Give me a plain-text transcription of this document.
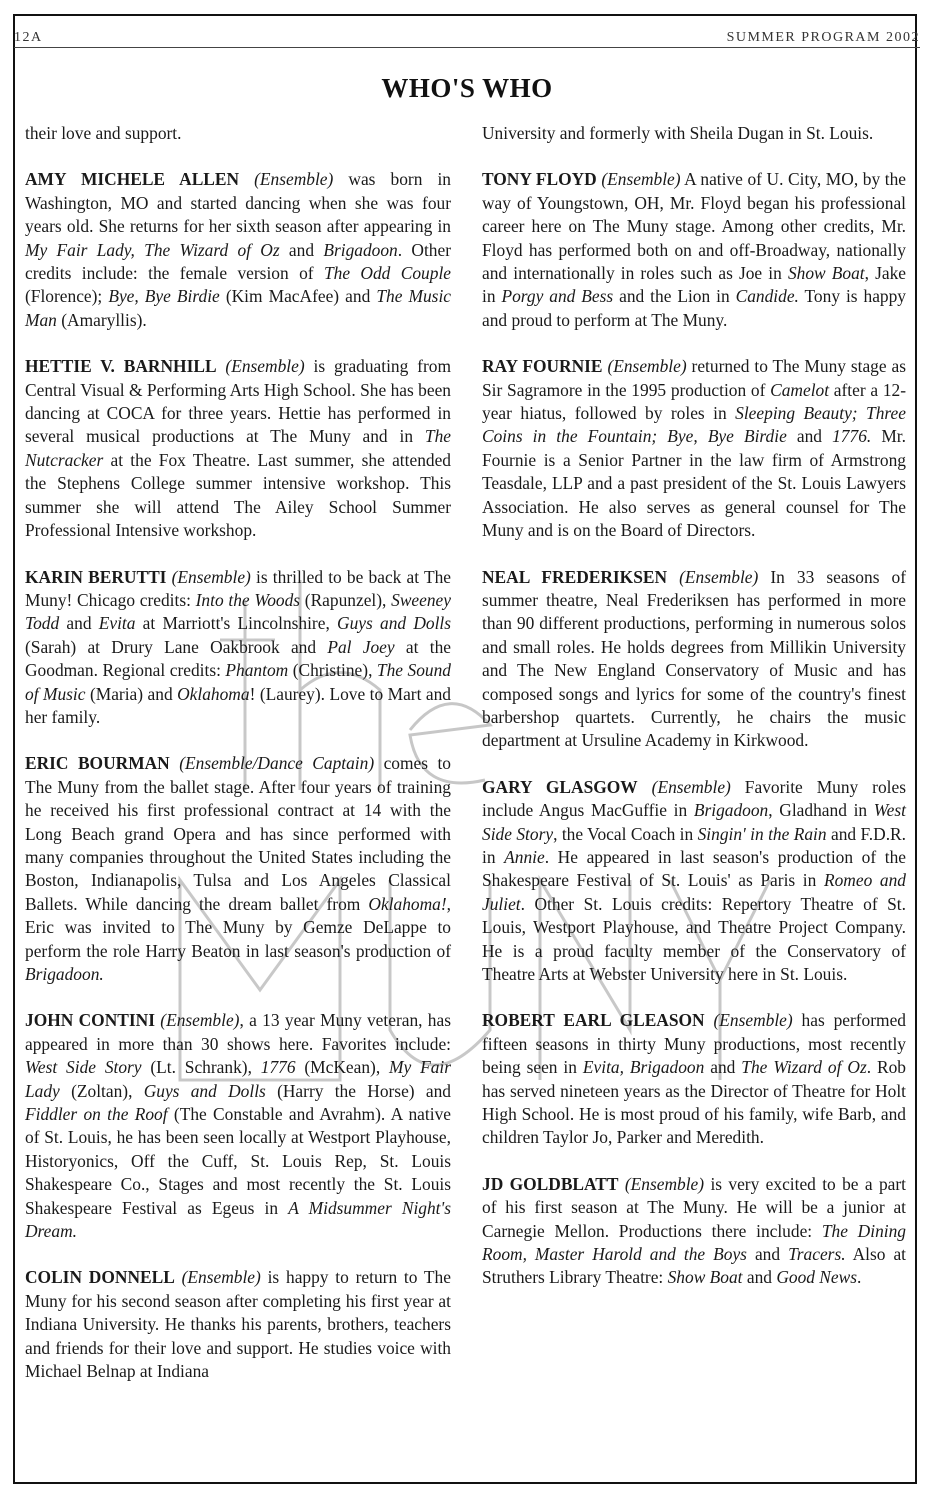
12A	SUMMER PROGRAM 2002
WHO'S WHO

their love and support.

AMY MICHELE ALLEN (Ensemble) was born in Washington, MO and started dancing when she was four years old. She returns for her sixth season after appearing in My Fair Lady, The Wizard of Oz and Brigadoon. Other credits include: the female version of The Odd Couple (Florence); Bye, Bye Birdie (Kim MacAfee) and The Music Man (Amaryllis).

HETTIE V. BARNHILL (Ensemble) is graduating from Central Visual & Performing Arts High School. She has been dancing at COCA for three years. Hettie has performed in several musical productions at The Muny and in The Nutcracker at the Fox Theatre. Last summer, she attended the Stephens College summer intensive workshop. This summer she will attend The Ailey School Summer Professional Intensive workshop.

KARIN BERUTTI (Ensemble) is thrilled to be back at The Muny! Chicago credits: Into the Woods (Rapunzel), Sweeney Todd and Evita at Marriott's Lincolnshire, Guys and Dolls (Sarah) at Drury Lane Oakbrook and Pal Joey at the Goodman. Regional credits: Phantom (Christine), The Sound of Music (Maria) and Oklahoma! (Laurey). Love to Mart and her family.

ERIC BOURMAN (Ensemble/Dance Captain) comes to The Muny from the ballet stage. After four years of training he received his first professional contract at 14 with the Long Beach grand Opera and has since performed with many companies throughout the United States including the Boston, Indianapolis, Tulsa and Los Angeles Classical Ballets. While dancing the dream ballet from Oklahoma!, Eric was invited to The Muny by Gemze DeLappe to perform the role Harry Beaton in last season's production of Brigadoon.

JOHN CONTINI (Ensemble), a 13 year Muny veteran, has appeared in more than 30 shows here. Favorites include: West Side Story (Lt. Schrank), 1776 (McKean), My Fair Lady (Zoltan), Guys and Dolls (Harry the Horse) and Fiddler on the Roof (The Constable and Avrahm). A native of St. Louis, he has been seen locally at Westport Playhouse, Historyonics, Off the Cuff, St. Louis Rep, St. Louis Shakespeare Co., Stages and most recently the St. Louis Shakespeare Festival as Egeus in A Midsummer Night's Dream.

COLIN DONNELL (Ensemble) is happy to return to The Muny for his second season after completing his first year at Indiana University. He thanks his parents, brothers, teachers and friends for their love and support. He studies voice with Michael Belnap at Indiana

University and formerly with Sheila Dugan in St. Louis.

TONY FLOYD (Ensemble) A native of U. City, MO, by the way of Youngstown, OH, Mr. Floyd began his professional career here on The Muny stage. Among other credits, Mr. Floyd has performed both on and off-Broadway, nationally and internationally in roles such as Joe in Show Boat, Jake in Porgy and Bess and the Lion in Candide. Tony is happy and proud to perform at The Muny.

RAY FOURNIE (Ensemble) returned to The Muny stage as Sir Sagramore in the 1995 production of Camelot after a 12-year hiatus, followed by roles in Sleeping Beauty; Three Coins in the Fountain; Bye, Bye Birdie and 1776. Mr. Fournie is a Senior Partner in the law firm of Armstrong Teasdale, LLP and a past president of the St. Louis Lawyers Association. He also serves as general counsel for The Muny and is on the Board of Directors.

NEAL FREDERIKSEN (Ensemble) In 33 seasons of summer theatre, Neal Frederiksen has performed in more than 90 different productions, performing in numerous solos and small roles. He holds degrees from Millikin University and The New England Conservatory of Music and has composed songs and lyrics for some of the country's finest barbershop quartets. Currently, he chairs the music department at Ursuline Academy in Kirkwood.

GARY GLASGOW (Ensemble) Favorite Muny roles include Angus MacGuffie in Brigadoon, Gladhand in West Side Story, the Vocal Coach in Singin' in the Rain and F.D.R. in Annie. He appeared in last season's production of the Shakespeare Festival of St. Louis' as Paris in Romeo and Juliet. Other St. Louis credits: Repertory Theatre of St. Louis, Westport Playhouse, and Theatre Project Company. He is a proud faculty member of the Conservatory of Theatre Arts at Webster University here in St. Louis.

ROBERT EARL GLEASON (Ensemble) has performed fifteen seasons in thirty Muny productions, most recently being seen in Evita, Brigadoon and The Wizard of Oz. Rob has served nineteen years as the Director of Theatre for Holt High School. He is most proud of his family, wife Barb, and children Taylor Jo, Parker and Meredith.

JD GOLDBLATT (Ensemble) is very excited to be a part of his first season at The Muny. He will be a junior at Carnegie Mellon. Productions there include: The Dining Room, Master Harold and the Boys and Tracers. Also at Struthers Library Theatre: Show Boat and Good News.
